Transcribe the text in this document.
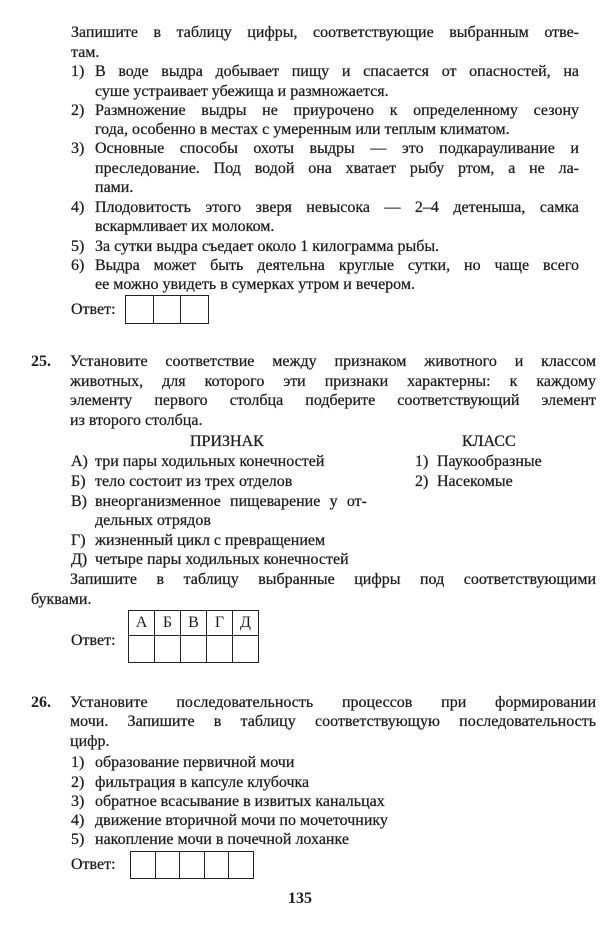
Запишите в таблицу цифры, соответствующие выбранным отве-
там.
1) В воде выдра добывает пищу и спасается от опасностей, на
суше устраивает убежища и размножается.
2) Размножение выдры не приурочено к определенному сезону
года, особенно в местах с умеренным или теплым климатом.
3) Основные способы охоты выдры — это подкарауливание и
преследование. Под водой она хватает рыбу ртом, а не ла-
пами.
4) Плодовитость этого зверя невысока — 2–4 детеныша, самка
вскармливает их молоком.
5) За сутки выдра съедает около 1 килограмма рыбы.
6) Выдра может быть деятельна круглые сутки, но чаще всего
ее можно увидеть в сумерках утром и вечером.
Ответ:
25. Установите соответствие между признаком животного и классом
животных, для которого эти признаки характерны: к каждому
элементу первого столбца подберите соответствующий элемент
из второго столбца.
ПРИЗНАК	КЛАСС
А) три пары ходильных конечностей
Б) тело состоит из трех отделов
В) внеорганизменное пищеварение у от-
дельных отрядов
Г) жизненный цикл с превращением
Д) четыре пары ходильных конечностей
1) Паукообразные
2) Насекомые
Запишите в таблицу выбранные цифры под соответствующими
буквами.
Ответ:
А	Б	В	Г	Д

26. Установите последовательность процессов при формировании
мочи. Запишите в таблицу соответствующую последовательность
цифр.
1) образование первичной мочи
2) фильтрация в капсуле клубочка
3) обратное всасывание в извитых канальцах
4) движение вторичной мочи по мочеточнику
5) накопление мочи в почечной лоханке
Ответ:
135
